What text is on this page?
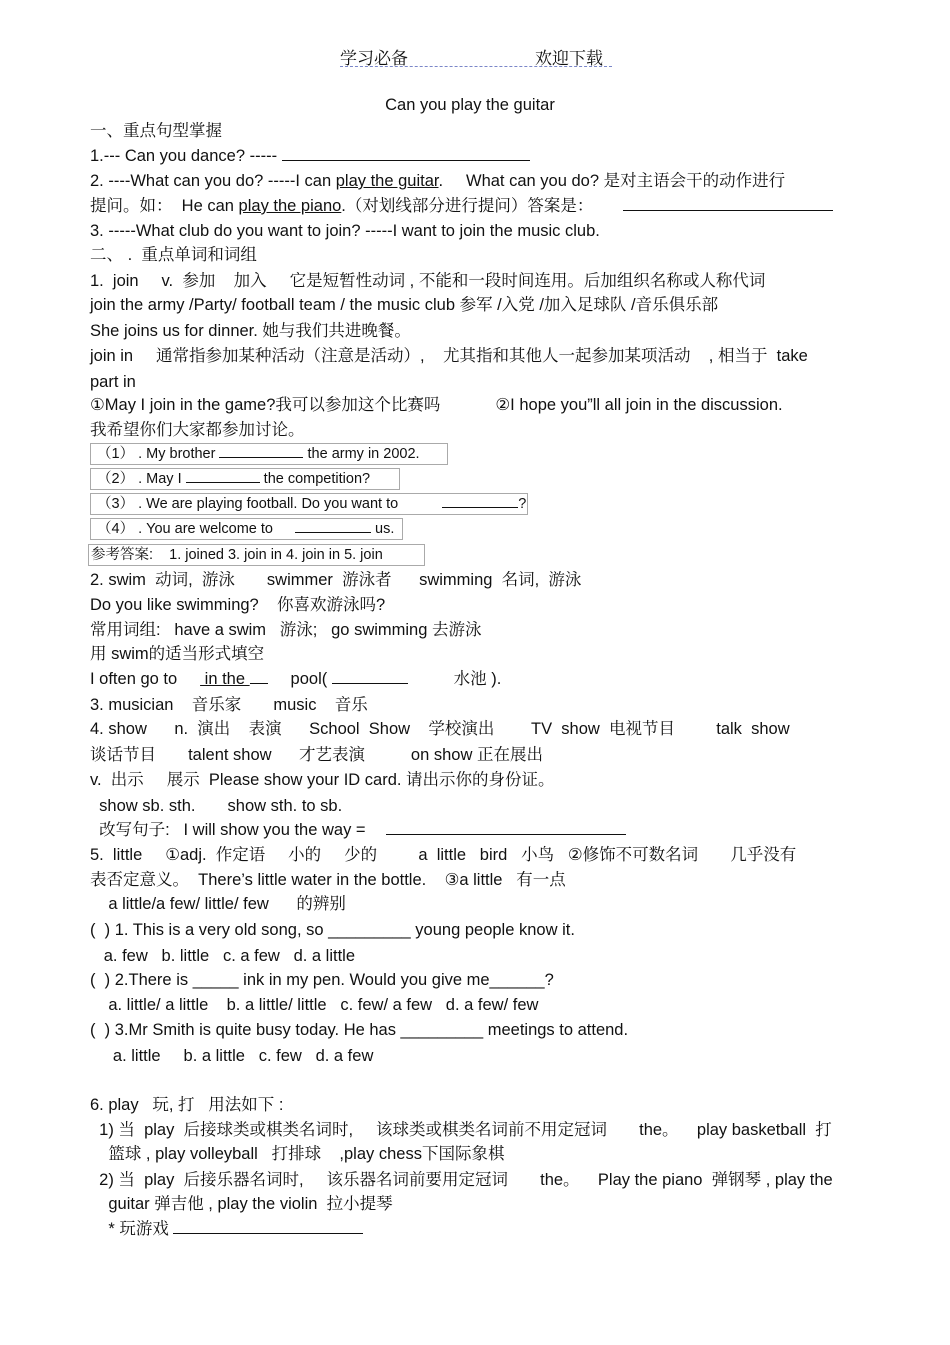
学习必备	欢迎下载
Can you play the guitar
一、重点句型掌握
1.--- Can you dance? -----
2. ----What can you do? -----I can play the guitar.     What can you do? 是对主语会干的动作进行
提问。如：  He can play the piano.（对划线部分进行提问）答案是：
3. -----What club do you want to join? -----I want to join the music club.
二、 .  重点单词和词组
1.  join     v.  参加    加入     它是短暂性动词 , 不能和一段时间连用。后加组织名称或人称代词
join the army /Party/ football team / the music club 参军 /入党 /加入足球队 /音乐俱乐部
She joins us for dinner. 她与我们共进晚餐。
join in     通常指参加某种活动（注意是活动）,    尤其指和其他人一起参加某项活动    , 相当于  take
part in
①May I join in the game?我可以参加这个比赛吗            ②I hope you”ll all join in the discussion.
我希望你们大家都参加讨论。
（1） . My brother	the army in 2002.
（2） . May I	the competition?
（3） . We are playing football. Do you want to	?
（4） . You are welcome to	us.
参考答案:    1. joined 3. join in 4. join in 5. join
2. swim  动词,  游泳       swimmer  游泳者      swimming  名词,  游泳
Do you like swimming?    你喜欢游泳吗?
常用词组:   have a swim   游泳;   go swimming 去游泳
用 swim的适当形式填空
I often go to      in the      pool(	水池 ).
3. musician    音乐家       music    音乐
4. show      n.  演出    表演      School  Show    学校演出        TV  show  电视节目         talk  show
谈话节目       talent show      才艺表演          on show 正在展出
v.  出示     展示  Please show your ID card. 请出示你的身份证。
show sb. sth.       show sth. to sb.
改写句子:   I will show you the way =
5.  little     ①adj.  作定语     小的     少的         a  little   bird   小鸟   ②修饰不可数名词       几乎没有
表否定意义。  There’s little water in the bottle.    ③a little   有一点
a little/a few/ little/ few      的辨别
(  ) 1. This is a very old song, so _________ young people know it.
a. few   b. little   c. a few   d. a little
(  ) 2.There is _____ ink in my pen. Would you give me______?
a. little/ a little    b. a little/ little   c. few/ a few   d. a few/ few
(  ) 3.Mr Smith is quite busy today. He has _________ meetings to attend.
a. little     b. a little   c. few   d. a few
6. play   玩, 打   用法如下 :
1) 当  play  后接球类或棋类名词时,     该球类或棋类名词前不用定冠词       the。    play basketball  打
篮球 , play volleyball   打排球    ,play chess下国际象棋
2) 当  play  后接乐器名词时,     该乐器名词前要用定冠词       the。    Play the piano  弹钢琴 , play the
guitar 弹吉他 , play the violin  拉小提琴
* 玩游戏
